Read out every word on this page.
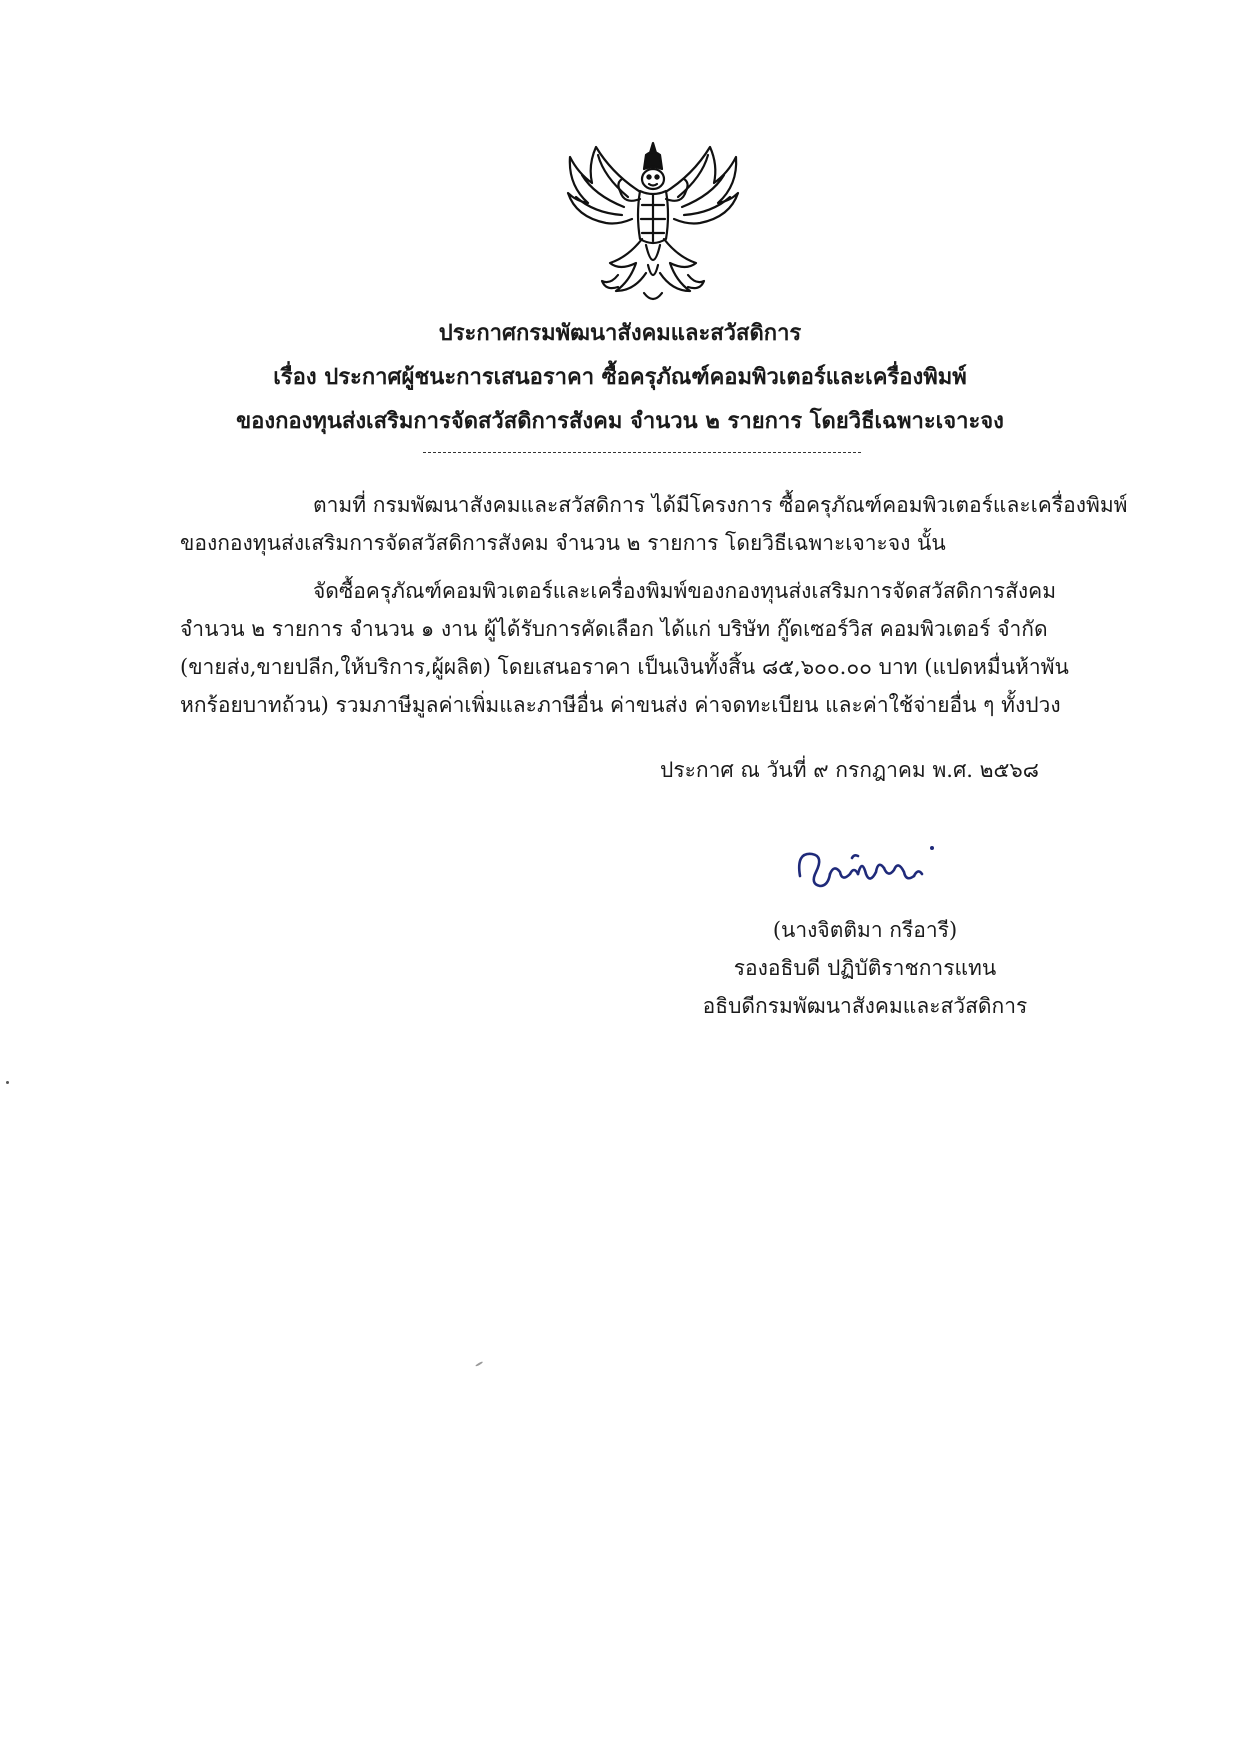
ประกาศกรมพัฒนาสังคมและสวัสดิการ
เรื่อง ประกาศผู้ชนะการเสนอราคา ซื้อครุภัณฑ์คอมพิวเตอร์และเครื่องพิมพ์
ของกองทุนส่งเสริมการจัดสวัสดิการสังคม จำนวน ๒ รายการ โดยวิธีเฉพาะเจาะจง
ตามที่ กรมพัฒนาสังคมและสวัสดิการ ได้มีโครงการ ซื้อครุภัณฑ์คอมพิวเตอร์และเครื่องพิมพ์
ของกองทุนส่งเสริมการจัดสวัสดิการสังคม จำนวน ๒ รายการ โดยวิธีเฉพาะเจาะจง นั้น
จัดซื้อครุภัณฑ์คอมพิวเตอร์และเครื่องพิมพ์ของกองทุนส่งเสริมการจัดสวัสดิการสังคม
จำนวน ๒ รายการ จำนวน ๑ งาน ผู้ได้รับการคัดเลือก ได้แก่ บริษัท กู๊ดเซอร์วิส คอมพิวเตอร์ จำกัด
(ขายส่ง,ขายปลีก,ให้บริการ,ผู้ผลิต) โดยเสนอราคา เป็นเงินทั้งสิ้น ๘๕,๖๐๐.๐๐ บาท (แปดหมื่นห้าพัน
หกร้อยบาทถ้วน) รวมภาษีมูลค่าเพิ่มและภาษีอื่น ค่าขนส่ง ค่าจดทะเบียน และค่าใช้จ่ายอื่น ๆ ทั้งปวง
ประกาศ ณ วันที่ ๙ กรกฎาคม พ.ศ. ๒๕๖๘
(นางจิตติมา กรีอารี)
รองอธิบดี ปฏิบัติราชการแทน
อธิบดีกรมพัฒนาสังคมและสวัสดิการ
